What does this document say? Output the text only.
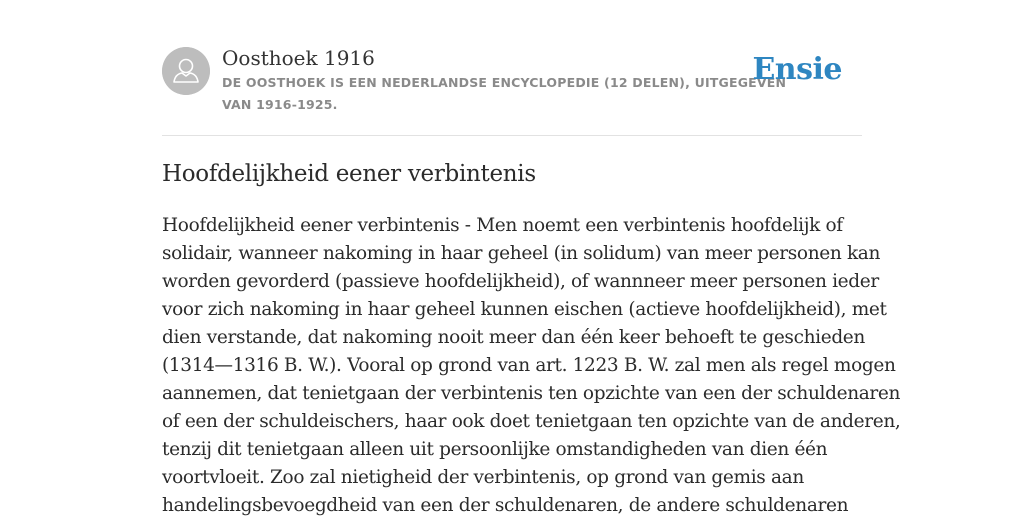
Oosthoek 1916
DE OOSTHOEK IS EEN NEDERLANDSE ENCYCLOPEDIE (12 DELEN), UITGEGEVEN
VAN 1916-1925.
Ensie
Hoofdelijkheid eener verbintenis
Hoofdelijkheid eener verbintenis - Men noemt een verbintenis hoofdelijk of
solidair, wanneer nakoming in haar geheel (in solidum) van meer personen kan
worden gevorderd (passieve hoofdelijkheid), of wannneer meer personen ieder
voor zich nakoming in haar geheel kunnen eischen (actieve hoofdelijkheid), met
dien verstande, dat nakoming nooit meer dan één keer behoeft te geschieden
(1314—1316 B. W.). Vooral op grond van art. 1223 B. W. zal men als regel mogen
aannemen, dat tenietgaan der verbintenis ten opzichte van een der schuldenaren
of een der schuldeischers, haar ook doet tenietgaan ten opzichte van de anderen,
tenzij dit tenietgaan alleen uit persoonlijke omstandigheden van dien één
voortvloeit. Zoo zal nietigheid der verbintenis, op grond van gemis aan
handelingsbevoegdheid van een der schuldenaren, de andere schuldenaren
